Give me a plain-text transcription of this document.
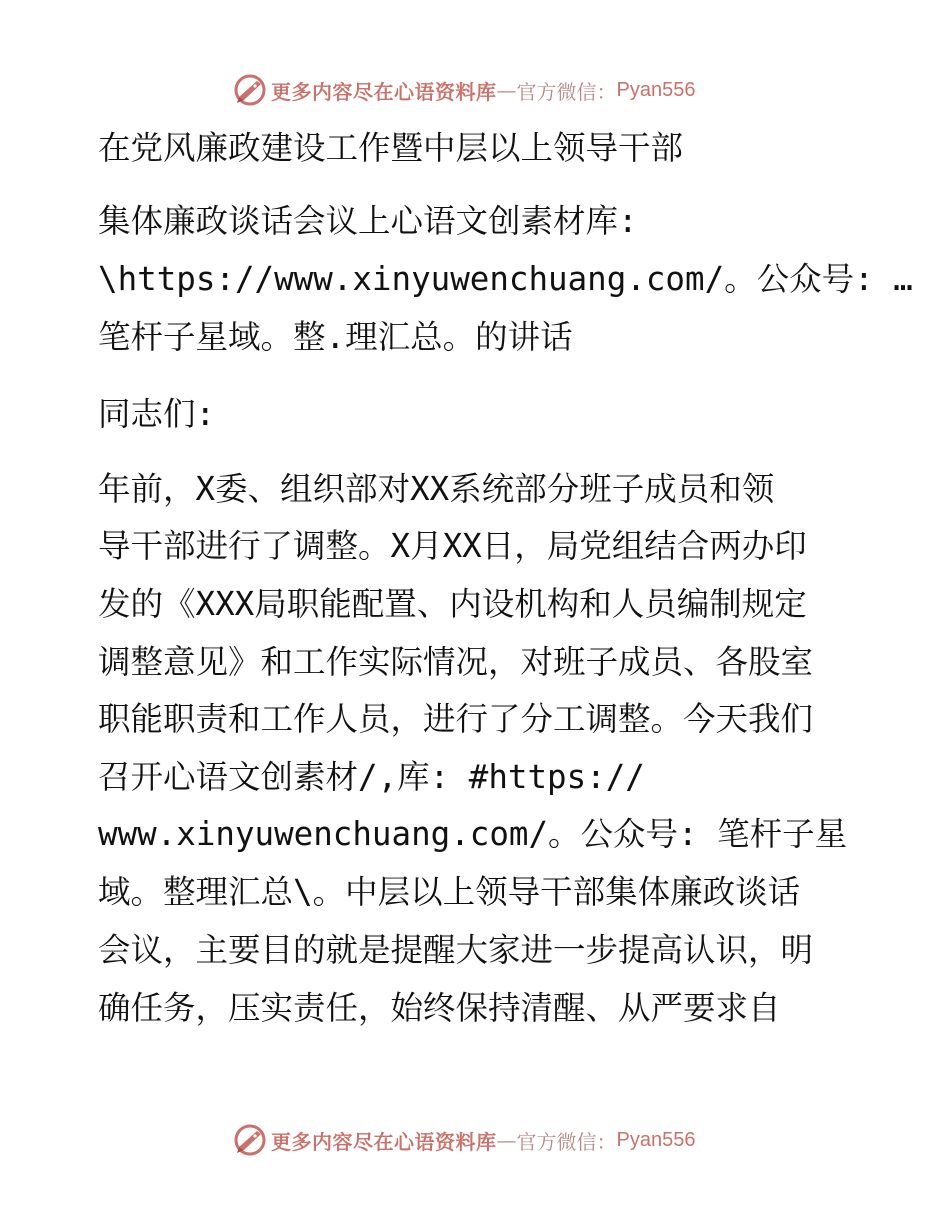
更多内容尽在心语资料库 — 官方微信： Pyan556
在党风廉政建设工作暨中层以上领导干部
集体廉政谈话会议上心语文创素材库:
\https://www.xinyuwenchuang.com/。公众号: …
笔杆子星域。整.理汇总。的讲话
同志们:
年前，X委、组织部对XX系统部分班子成员和领
导干部进行了调整。X月XX日，局党组结合两办印
发的《XXX局职能配置、内设机构和人员编制规定
调整意见》和工作实际情况，对班子成员、各股室
职能职责和工作人员，进行了分工调整。今天我们
召开心语文创素材/,库: #https://
www.xinyuwenchuang.com/。公众号: 笔杆子星
域。整理汇总\。中层以上领导干部集体廉政谈话
会议，主要目的就是提醒大家进一步提高认识，明
确任务，压实责任，始终保持清醒、从严要求自
更多内容尽在心语资料库 — 官方微信： Pyan556
